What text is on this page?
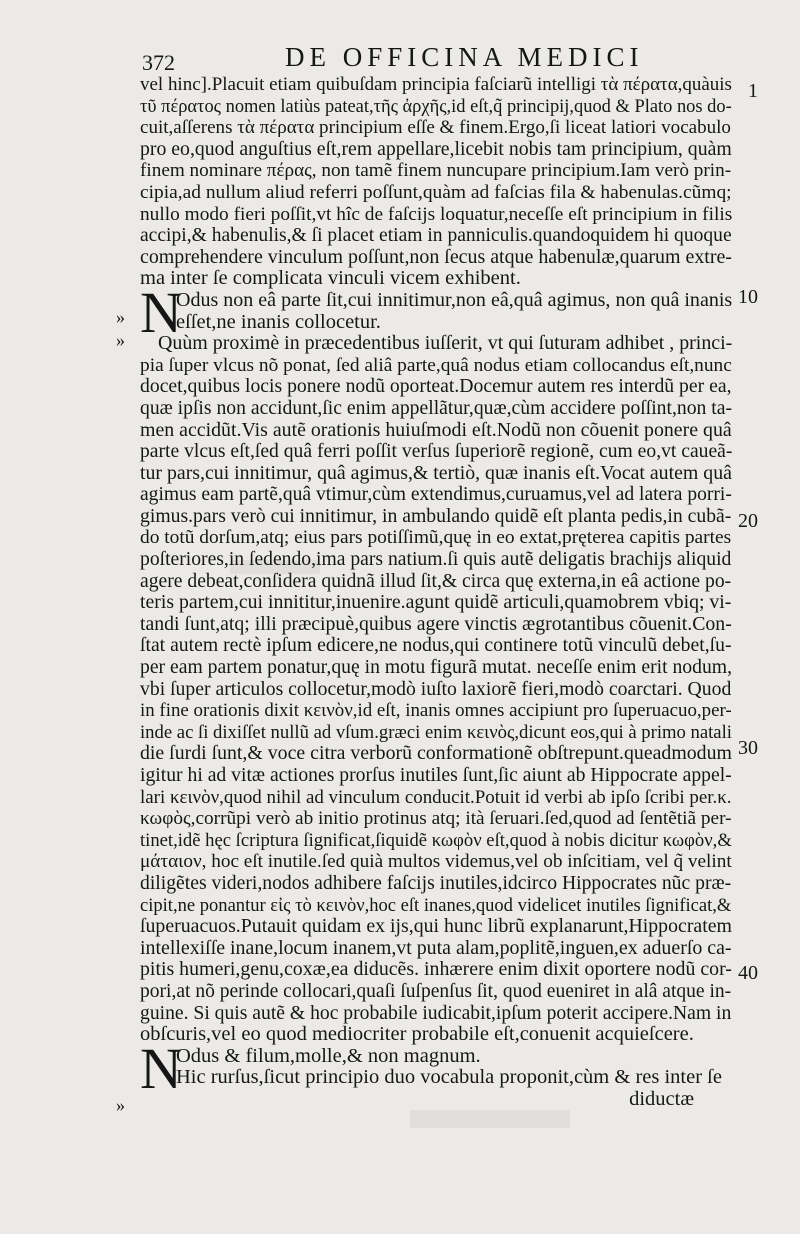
372	DE OFFICINA MEDICI
1
10
20
30
40
»
»
»
vel hinc].Placuit etiam quibuſdam principia faſciarũ intelligi τὰ πέρατα,quàuis
τῦ πέρατος nomen latiùs pateat,τῆς ἀρχῆς,id eſt,q̃ principij,quod & Plato nos do-
cuit,aſſerens τὰ πέρατα principium eſſe & finem.Ergo,ſi liceat latiori vocabulo
pro eo,quod anguſtius eſt,rem appellare,licebit nobis tam principium, quàm
finem nominare πέρας, non tamẽ finem nuncupare principium.Iam verò prin-
cipia,ad nullum aliud referri poſſunt,quàm ad faſcias fila & habenulas.cũmq;
nullo modo fieri poſſit,vt hîc de faſcijs loquatur,neceſſe eſt principium in filis
accipi,& habenulis,& ſi placet etiam in panniculis.quandoquidem hi quoque
comprehendere vinculum poſſunt,non ſecus atque habenulæ,quarum extre-
ma inter ſe complicata vinculi vicem exhibent.
N
Odus non eâ parte ſit,cui innitimur,non eâ,quâ agimus, non quâ inanis
eſſet,ne inanis collocetur.
Quùm proximè in præcedentibus iuſſerit, vt qui ſuturam adhibet , princi-
pia ſuper vlcus nõ ponat, ſed aliâ parte,quâ nodus etiam collocandus eſt,nunc
docet,quibus locis ponere nodũ oporteat.Docemur autem res interdũ per ea,
quæ ipſis non accidunt,ſic enim appellãtur,quæ,cùm accidere poſſint,non ta-
men accidũt.Vis autẽ orationis huiuſmodi eſt.Nodũ non cõuenit ponere quâ
parte vlcus eſt,ſed quâ ferri poſſit verſus ſuperiorẽ regionẽ, cum eo,vt caueã-
tur pars,cui innitimur, quâ agimus,& tertiò, quæ inanis eſt.Vocat autem quâ
agimus eam partẽ,quâ vtimur,cùm extendimus,curuamus,vel ad latera porri-
gimus.pars verò cui innitimur, in ambulando quidẽ eſt planta pedis,in cubã-
do totũ dorſum,atq; eius pars potiſſimũ,quę in eo extat,pręterea capitis partes
poſteriores,in ſedendo,ima pars natium.ſi quis autẽ deligatis brachijs aliquid
agere debeat,conſidera quidnã illud ſit,& circa quę externa,in eâ actione po-
teris partem,cui innititur,inuenire.agunt quidẽ articuli,quamobrem vbiq; vi-
tandi ſunt,atq; illi præcipuè,quibus agere vinctis ægrotantibus cõuenit.Con-
ſtat autem rectè ipſum edicere,ne nodus,qui continere totũ vinculũ debet,ſu-
per eam partem ponatur,quę in motu figurã mutat. neceſſe enim erit nodum,
vbi ſuper articulos collocetur,modò iuſto laxiorẽ fieri,modò coarctari. Quod
in fine orationis dixit κεινὸν,id eſt, inanis omnes accipiunt pro ſuperuacuo,per-
inde ac ſi dixiſſet nullũ ad vſum.græci enim κεινὸς,dicunt eos,qui à primo natali
die ſurdi ſunt,& voce citra verborũ conformationẽ obſtrepunt.queadmodum
igitur hi ad vitæ actiones prorſus inutiles ſunt,ſic aiunt ab Hippocrate appel-
lari κεινὸν,quod nihil ad vinculum conducit.Potuit id verbi ab ipſo ſcribi per.κ.
κωφὸς,corrũpi verò ab initio protinus atq; ità ſeruari.ſed,quod ad ſentẽtiã per-
tinet,idẽ hęc ſcriptura ſignificat,ſiquidẽ κωφὸν eſt,quod à nobis dicitur κωφὸν,&
μάταιον, hoc eſt inutile.ſed quià multos videmus,vel ob inſcitiam, vel q̃ velint
diligẽtes videri,nodos adhibere faſcijs inutiles,idcirco Hippocrates nũc præ-
cipit,ne ponantur εἰς τὸ κεινὸν,hoc eſt inanes,quod videlicet inutiles ſignificat,&
ſuperuacuos.Putauit quidam ex ijs,qui hunc librũ explanarunt,Hippocratem
intellexiſſe inane,locum inanem,vt puta alam,poplitẽ,inguen,ex aduerſo ca-
pitis humeri,genu,coxæ,ea diducẽs. inhærere enim dixit oportere nodũ cor-
pori,at nõ perinde collocari,quaſi ſuſpenſus ſit, quod eueniret in alâ atque in-
guine. Si quis autẽ & hoc probabile iudicabit,ipſum poterit accipere.Nam in
obſcuris,vel eo quod mediocriter probabile eſt,conuenit acquieſcere.
N
Odus & filum,molle,& non magnum.
Hic rurſus,ſicut principio duo vocabula proponit,cùm & res inter ſe
diductæ
